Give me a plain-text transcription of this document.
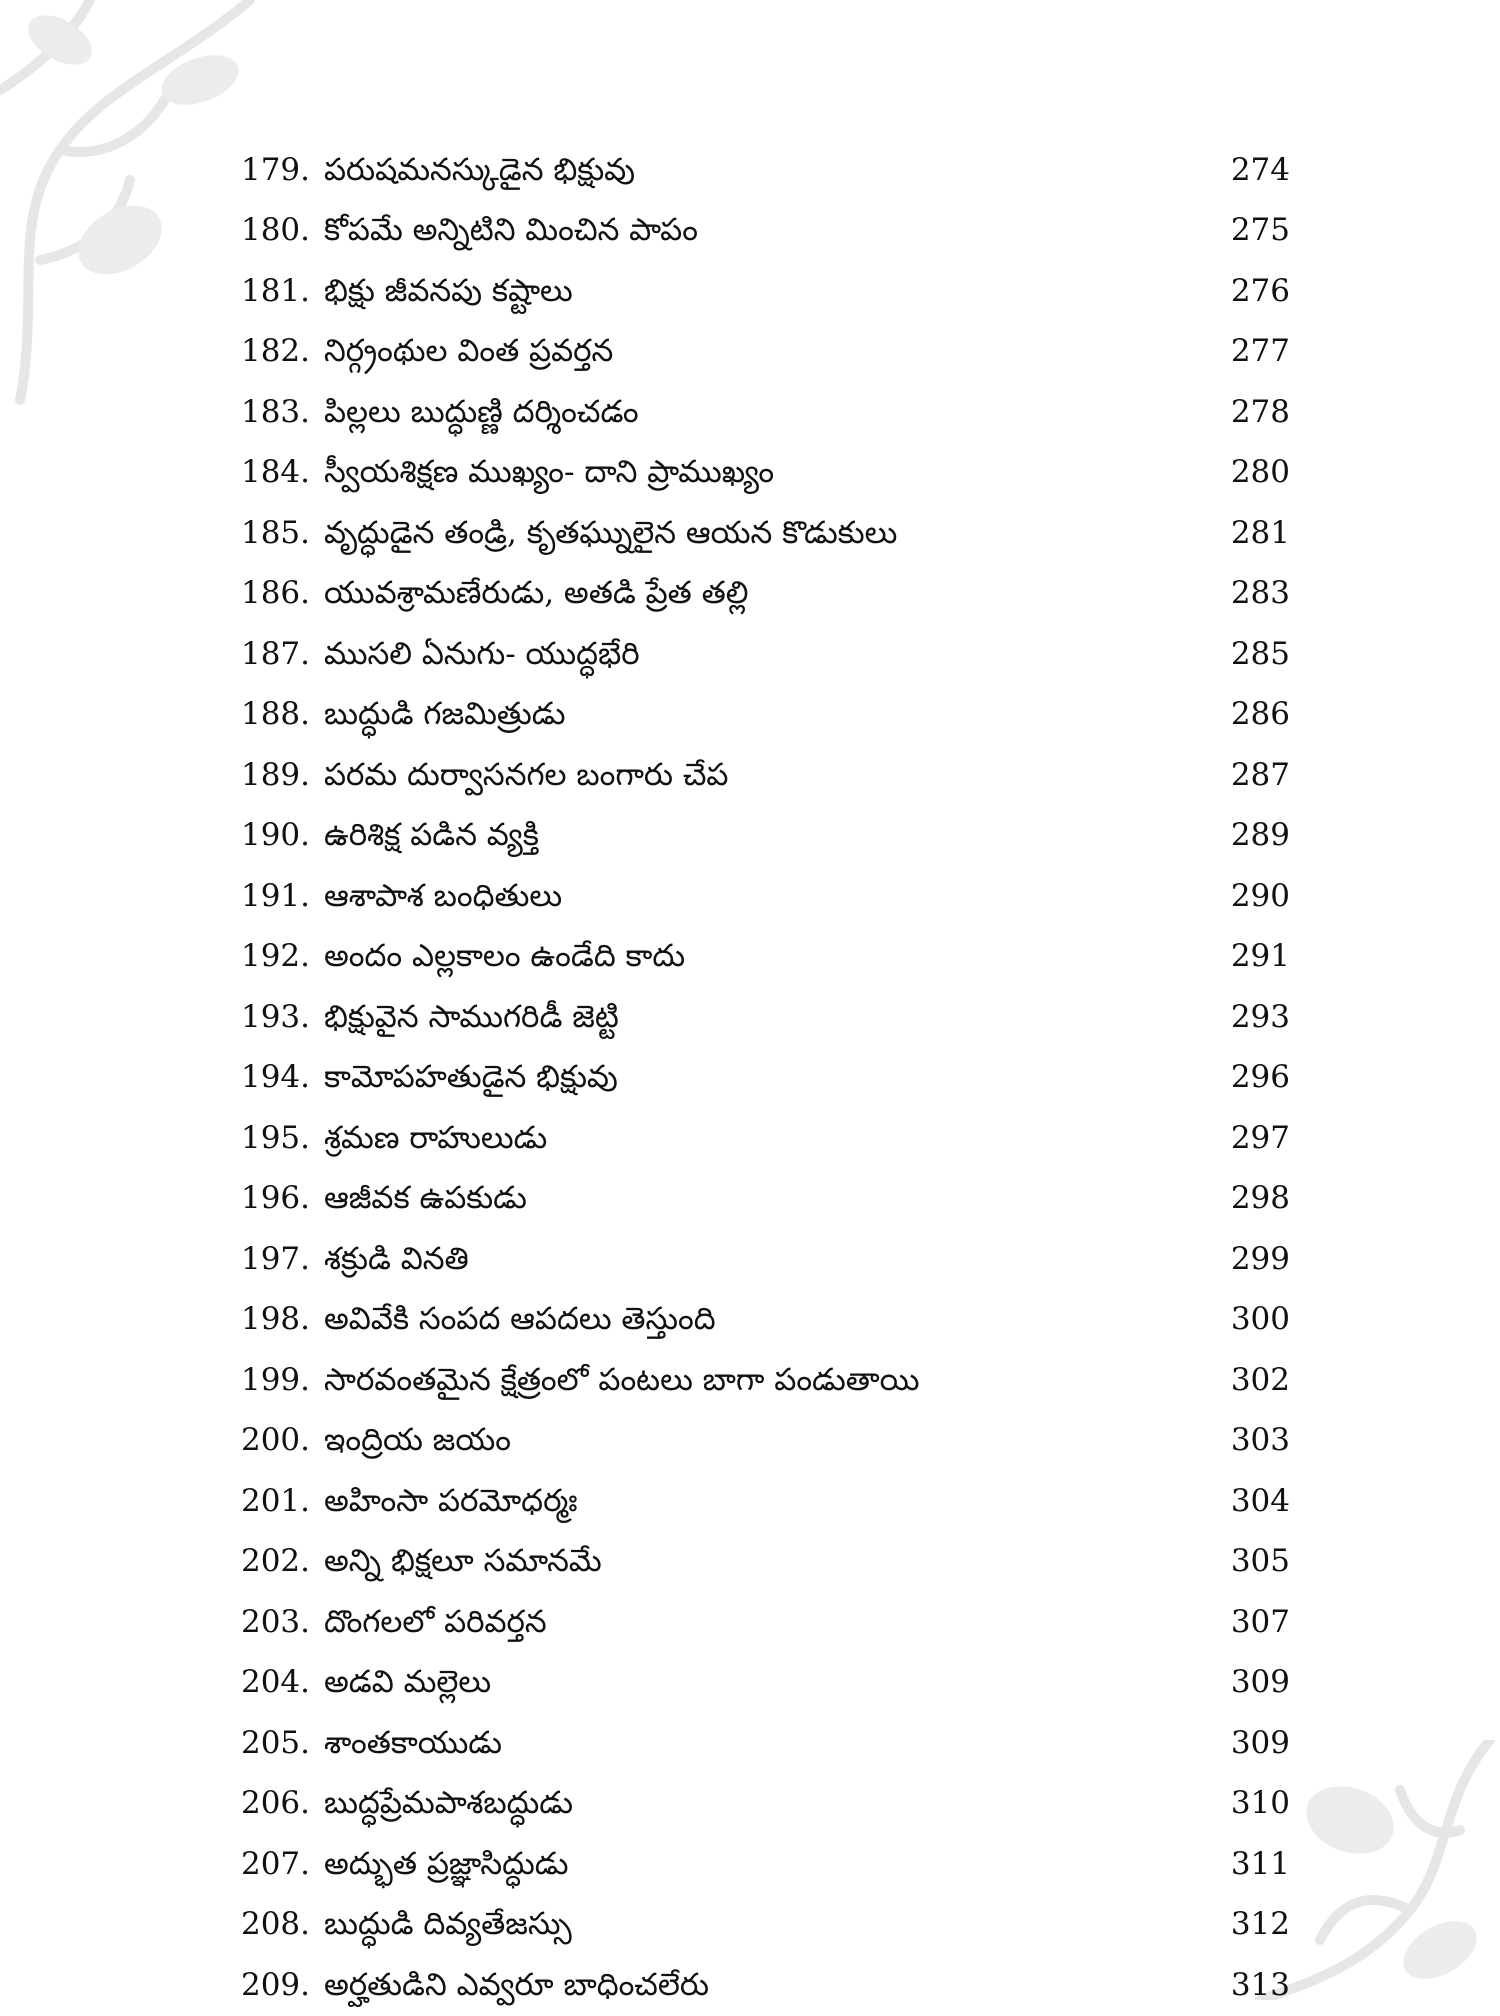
179. పరుషమనస్కుడైన భిక్షువు	274
180. కోపమే అన్నిటిని మించిన పాపం	275
181. భిక్షు జీవనపు కష్టాలు	276
182. నిర్గ్రంథుల వింత ప్రవర్తన	277
183. పిల్లలు బుద్ధుణ్ణి దర్శించడం	278
184. స్వీయశిక్షణ ముఖ్యం- దాని ప్రాముఖ్యం	280
185. వృద్ధుడైన తండ్రి, కృతఘ్నులైన ఆయన కొడుకులు	281
186. యువశ్రామణేరుడు, అతడి ప్రేత తల్లి	283
187. ముసలి ఏనుగు- యుద్ధభేరి	285
188. బుద్ధుడి గజమిత్రుడు	286
189. పరమ దుర్వాసనగల బంగారు చేప	287
190. ఉరిశిక్ష పడిన వ్యక్తి	289
191. ఆశాపాశ బంధితులు	290
192. అందం ఎల్లకాలం ఉండేది కాదు	291
193. భిక్షువైన సాముగరిడీ జెట్టి	293
194. కామోపహతుడైన భిక్షువు	296
195. శ్రమణ రాహులుడు	297
196. ఆజీవక ఉపకుడు	298
197. శక్రుడి వినతి	299
198. అవివేకి సంపద ఆపదలు తెస్తుంది	300
199. సారవంతమైన క్షేత్రంలో పంటలు బాగా పండుతాయి	302
200. ఇంద్రియ జయం	303
201. అహింసా పరమోధర్మః	304
202. అన్ని భిక్షలూ సమానమే	305
203. దొంగలలో పరివర్తన	307
204. అడవి మల్లెలు	309
205. శాంతకాయుడు	309
206. బుద్ధప్రేమపాశబద్ధుడు	310
207. అద్భుత ప్రజ్ఞాసిద్ధుడు	311
208. బుద్ధుడి దివ్యతేజస్సు	312
209. అర్హతుడిని ఎవ్వరూ బాధించలేరు	313
